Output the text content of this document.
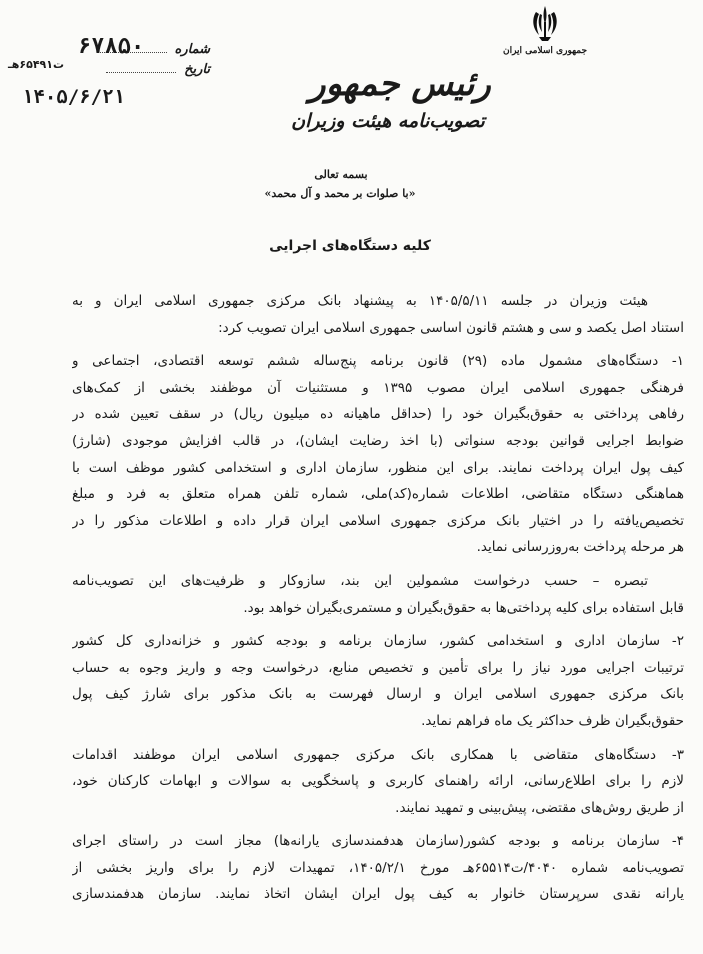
جمهوری اسلامی ایران
رئیس جمهور
تصویب‌نامه هیئت وزیران
شماره
تاریخ
۶۷۸۵۰
ت۶۵۴۹۱هـ
۱۴۰۵/۶/۲۱
بسمه تعالی
«با صلوات بر محمد و آل محمد»
کلیه دستگاه‌های اجرایی
هیئت وزیران در جلسه ۱۴۰۵/۵/۱۱ به پیشنهاد بانک مرکزی جمهوری اسلامی ایران و به
استناد اصل یکصد و سی و هشتم قانون اساسی جمهوری اسلامی ایران تصویب کرد:
۱- دستگاه‌های مشمول ماده (۲۹) قانون برنامه پنج‌ساله ششم توسعه اقتصادی، اجتماعی و
فرهنگی جمهوری اسلامی ایران مصوب ۱۳۹۵ و مستثنیات آن موظفند بخشی از کمک‌های
رفاهی پرداختی به حقوق‌بگیران خود را (حداقل ماهیانه ده میلیون ریال) در سقف تعیین شده در
ضوابط اجرایی قوانین بودجه سنواتی (با اخذ رضایت ایشان)، در قالب افزایش موجودی (شارژ)
کیف پول ایران پرداخت نمایند. برای این منظور، سازمان اداری و استخدامی کشور موظف است با
هماهنگی دستگاه متقاضی، اطلاعات شماره(کد)ملی، شماره تلفن همراه متعلق به فرد و مبلغ
تخصیص‌یافته را در اختیار بانک مرکزی جمهوری اسلامی ایران قرار داده و اطلاعات مذکور را در
هر مرحله پرداخت به‌روزرسانی نماید.
تبصره – حسب درخواست مشمولین این بند، سازوکار و ظرفیت‌های این تصویب‌نامه
قابل استفاده برای کلیه پرداختی‌ها به حقوق‌بگیران و مستمری‌بگیران خواهد بود.
۲- سازمان اداری و استخدامی کشور، سازمان برنامه و بودجه کشور و خزانه‌داری کل کشور
ترتیبات اجرایی مورد نیاز را برای تأمین و تخصیص منابع، درخواست وجه و واریز وجوه به حساب
بانک مرکزی جمهوری اسلامی ایران و ارسال فهرست به بانک مذکور برای شارژ کیف پول
حقوق‌بگیران ظرف حداکثر یک ماه فراهم نماید.
۳- دستگاه‌های متقاضی با همکاری بانک مرکزی جمهوری اسلامی ایران موظفند اقدامات
لازم را برای اطلاع‌رسانی، ارائه راهنمای کاربری و پاسخگویی به سوالات و ابهامات کارکنان خود،
از طریق روش‌های مقتضی، پیش‌بینی و تمهید نمایند.
۴- سازمان برنامه و بودجه کشور(سازمان هدفمندسازی یارانه‌ها) مجاز است در راستای اجرای
تصویب‌نامه شماره ۴۰۴۰/ت۶۵۵۱۴هـ مورخ ۱۴۰۵/۲/۱، تمهیدات لازم را برای واریز بخشی از
یارانه نقدی سرپرستان خانوار به کیف پول ایران ایشان اتخاذ نمایند. سازمان هدفمندسازی
